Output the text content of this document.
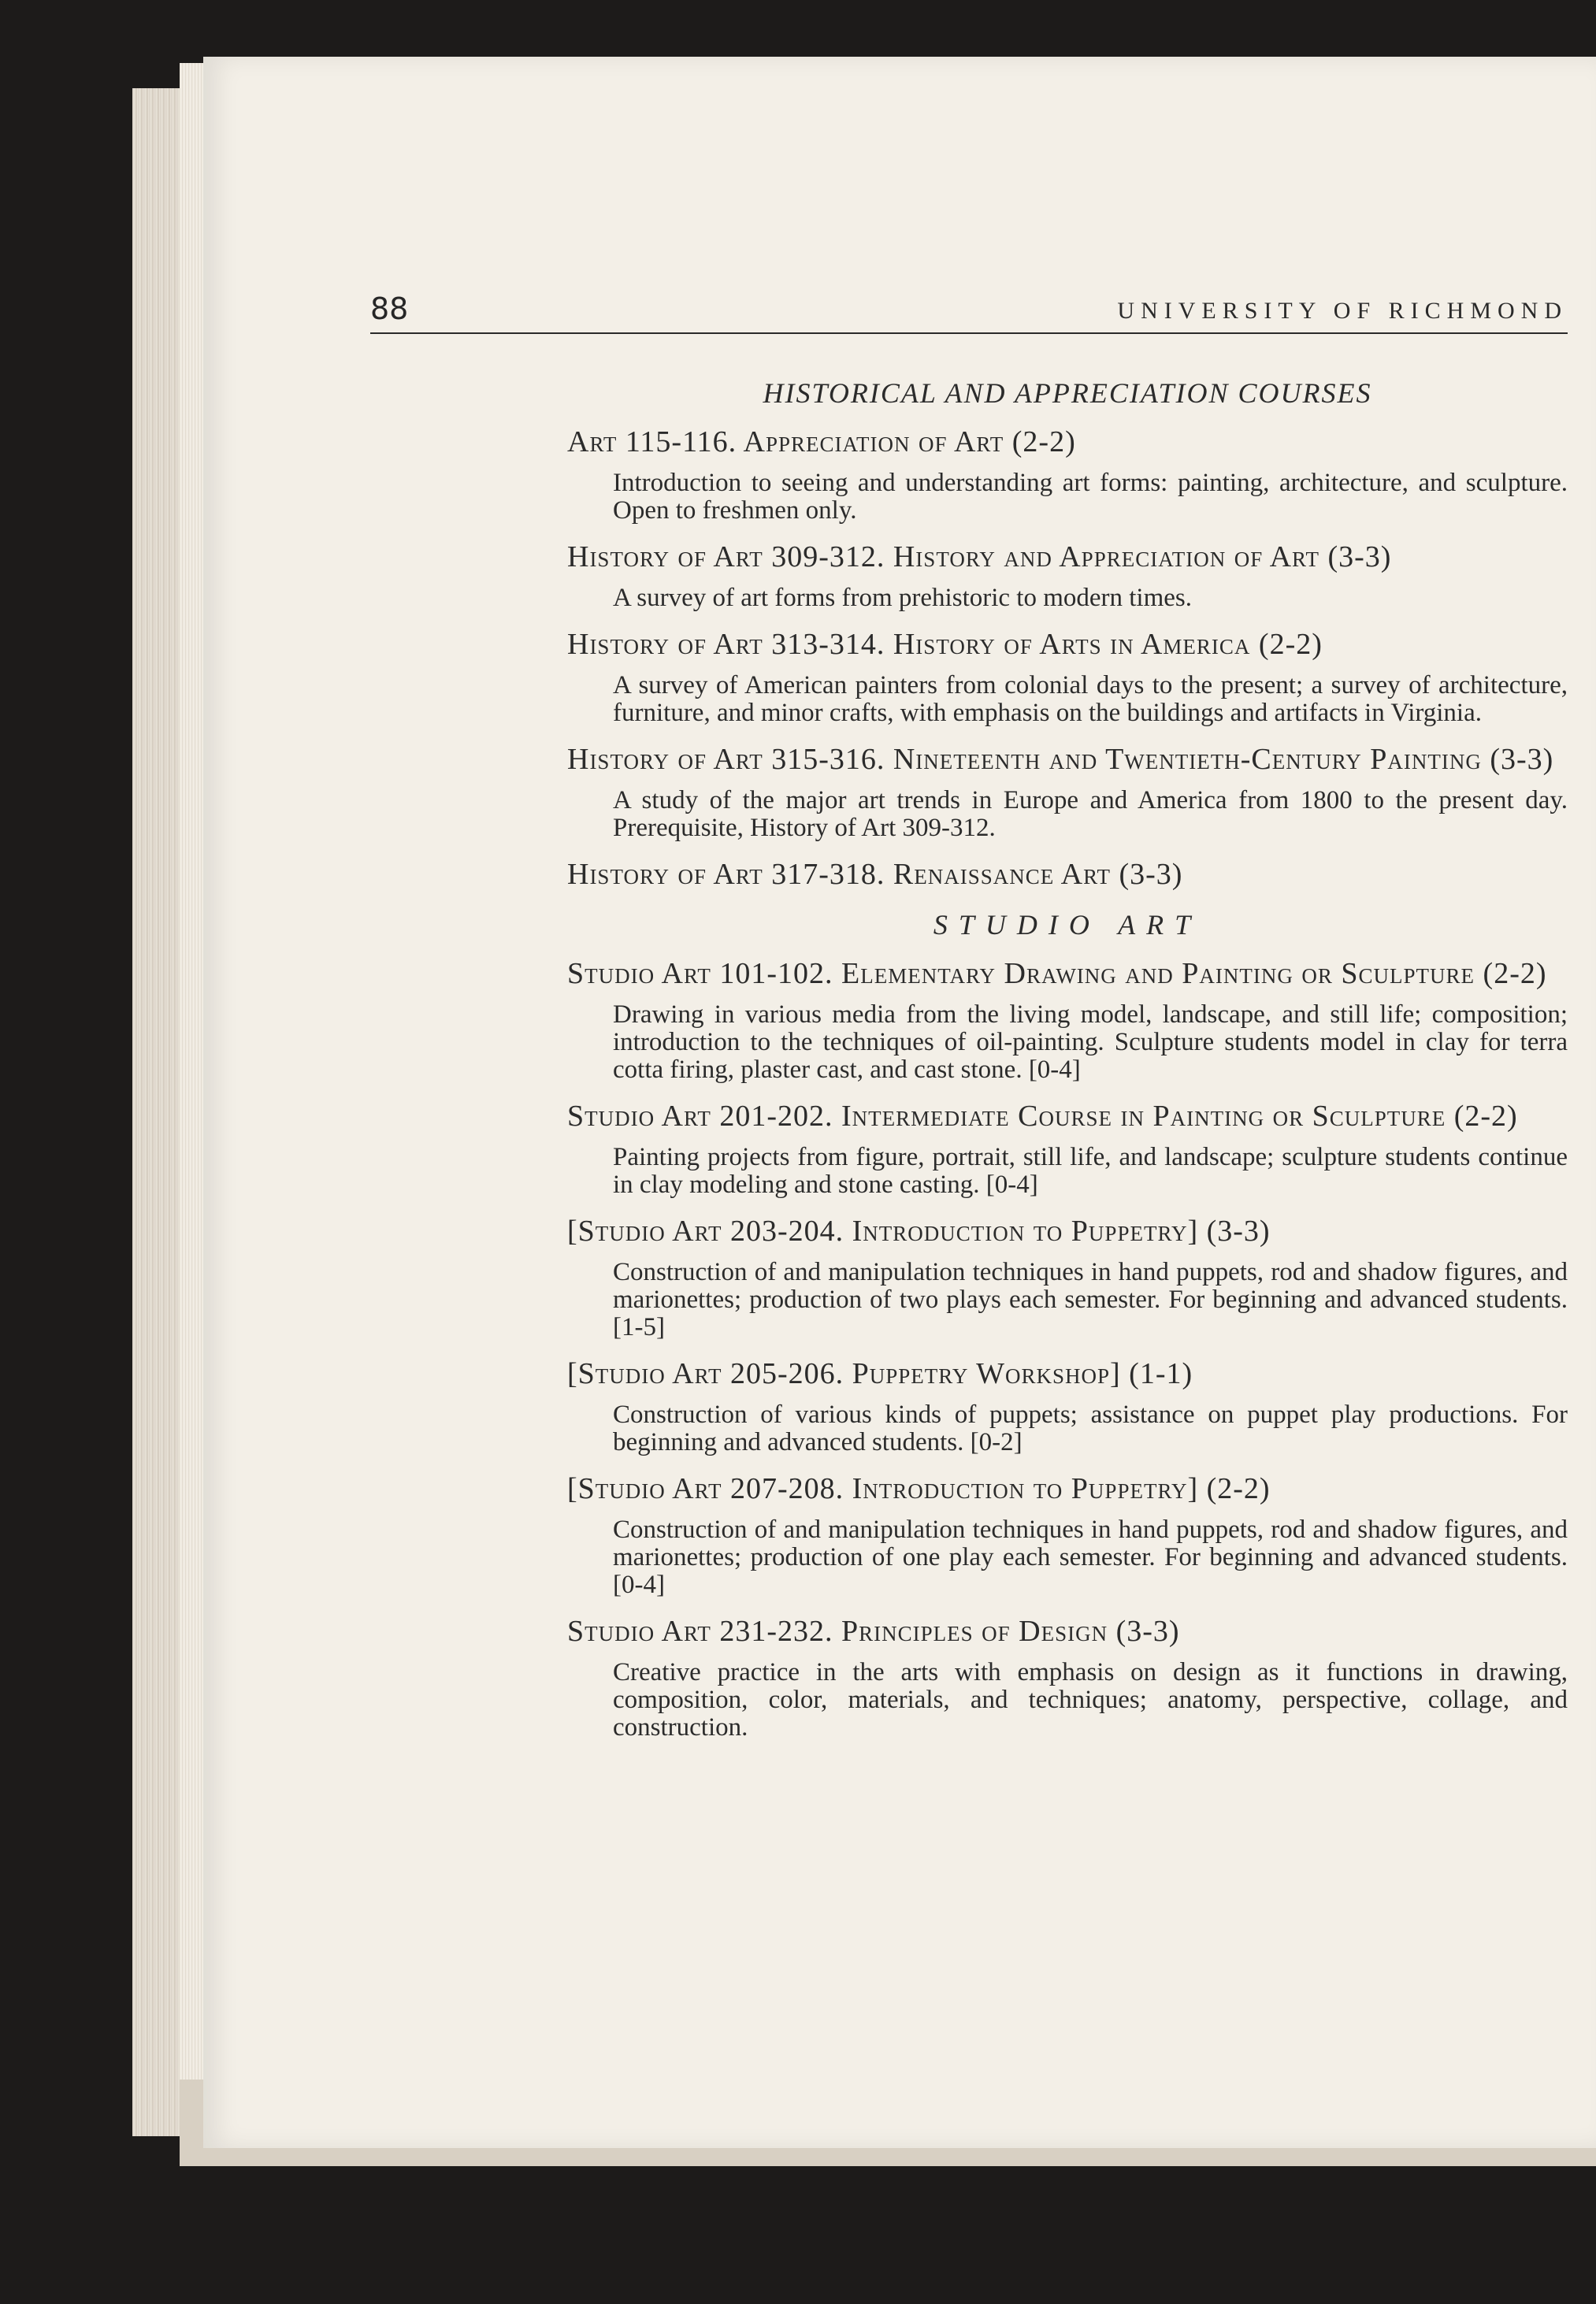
88	UNIVERSITY OF RICHMOND
HISTORICAL AND APPRECIATION COURSES
Art 115-116. Appreciation of Art (2-2)
Introduction to seeing and understanding art forms: painting, architecture, and sculpture. Open to freshmen only.
History of Art 309-312. History and Appreciation of Art (3-3)
A survey of art forms from prehistoric to modern times.
History of Art 313-314. History of Arts in America (2-2)
A survey of American painters from colonial days to the present; a survey of architecture, furniture, and minor crafts, with emphasis on the buildings and artifacts in Virginia.
History of Art 315-316. Nineteenth and Twentieth-Century Painting (3-3)
A study of the major art trends in Europe and America from 1800 to the present day. Prerequisite, History of Art 309-312.
History of Art 317-318. Renaissance Art (3-3)
STUDIO ART
Studio Art 101-102. Elementary Drawing and Painting or Sculpture (2-2)
Drawing in various media from the living model, landscape, and still life; composition; introduction to the techniques of oil-painting. Sculpture students model in clay for terra cotta firing, plaster cast, and cast stone. [0-4]
Studio Art 201-202. Intermediate Course in Painting or Sculpture (2-2)
Painting projects from figure, portrait, still life, and landscape; sculpture students continue in clay modeling and stone casting. [0-4]
[Studio Art 203-204. Introduction to Puppetry] (3-3)
Construction of and manipulation techniques in hand puppets, rod and shadow figures, and marionettes; production of two plays each semester. For beginning and advanced students. [1-5]
[Studio Art 205-206. Puppetry Workshop] (1-1)
Construction of various kinds of puppets; assistance on puppet play productions. For beginning and advanced students. [0-2]
[Studio Art 207-208. Introduction to Puppetry] (2-2)
Construction of and manipulation techniques in hand puppets, rod and shadow figures, and marionettes; production of one play each semester. For beginning and advanced students. [0-4]
Studio Art 231-232. Principles of Design (3-3)
Creative practice in the arts with emphasis on design as it functions in drawing, composition, color, materials, and techniques; anatomy, perspective, collage, and construction.
